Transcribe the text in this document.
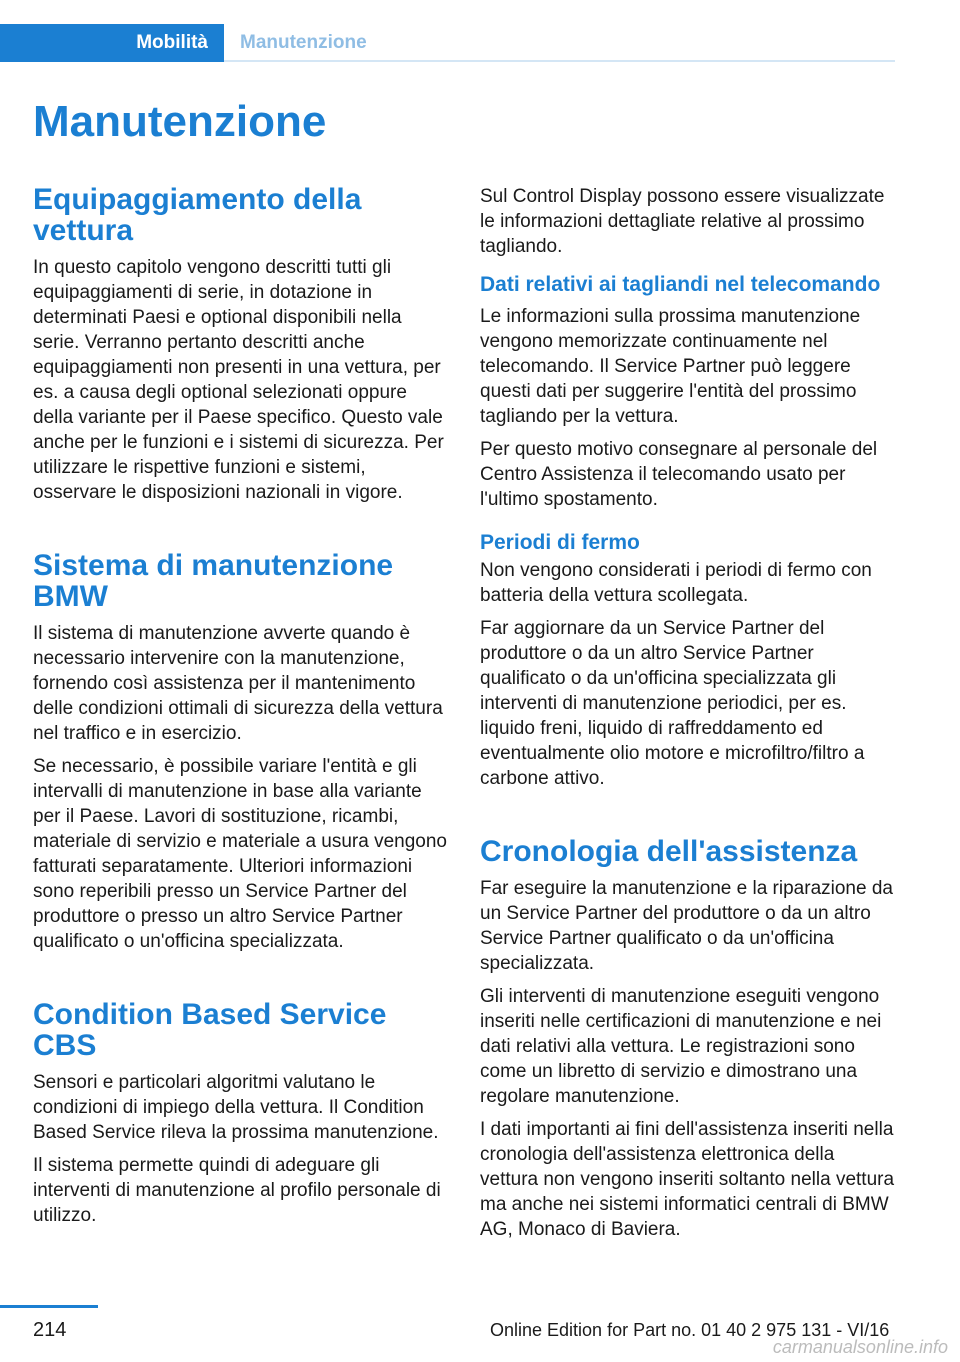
Mobilità	Manutenzione
Manutenzione
Equipaggiamento della vettura
In questo capitolo vengono descritti tutti gli equipaggiamenti di serie, in dotazione in determinati Paesi e optional disponibili nella serie. Verranno pertanto descritti anche equipaggiamenti non presenti in una vettura, per es. a causa degli optional selezionati oppure della variante per il Paese specifico. Questo vale anche per le funzioni e i sistemi di sicurezza. Per utilizzare le rispettive funzioni e sistemi, osservare le disposizioni nazionali in vigore.
Sistema di manutenzione BMW
Il sistema di manutenzione avverte quando è necessario intervenire con la manutenzione, fornendo così assistenza per il mantenimento delle condizioni ottimali di sicurezza della vettura nel traffico e in esercizio.
Se necessario, è possibile variare l'entità e gli intervalli di manutenzione in base alla variante per il Paese. Lavori di sostituzione, ricambi, materiale di servizio e materiale a usura vengono fatturati separatamente. Ulteriori informazioni sono reperibili presso un Service Partner del produttore o presso un altro Service Partner qualificato o un'officina specializzata.
Condition Based Service CBS
Sensori e particolari algoritmi valutano le condizioni di impiego della vettura. Il Condition Based Service rileva la prossima manutenzione.
Il sistema permette quindi di adeguare gli interventi di manutenzione al profilo personale di utilizzo.
Sul Control Display possono essere visualizzate le informazioni dettagliate relative al prossimo tagliando.
Dati relativi ai tagliandi nel telecomando
Le informazioni sulla prossima manutenzione vengono memorizzate continuamente nel telecomando. Il Service Partner può leggere questi dati per suggerire l'entità del prossimo tagliando per la vettura.
Per questo motivo consegnare al personale del Centro Assistenza il telecomando usato per l'ultimo spostamento.
Periodi di fermo
Non vengono considerati i periodi di fermo con batteria della vettura scollegata.
Far aggiornare da un Service Partner del produttore o da un altro Service Partner qualificato o da un'officina specializzata gli interventi di manutenzione periodici, per es. liquido freni, liquido di raffreddamento ed eventualmente olio motore e microfiltro/filtro a carbone attivo.
Cronologia dell'assistenza
Far eseguire la manutenzione e la riparazione da un Service Partner del produttore o da un altro Service Partner qualificato o da un'officina specializzata.
Gli interventi di manutenzione eseguiti vengono inseriti nelle certificazioni di manutenzione e nei dati relativi alla vettura. Le registrazioni sono come un libretto di servizio e dimostrano una regolare manutenzione.
I dati importanti ai fini dell'assistenza inseriti nella cronologia dell'assistenza elettronica della vettura non vengono inseriti soltanto nella vettura ma anche nei sistemi informatici centrali di BMW AG, Monaco di Baviera.
214	Online Edition for Part no. 01 40 2 975 131 - VI/16
carmanualsonline.info
